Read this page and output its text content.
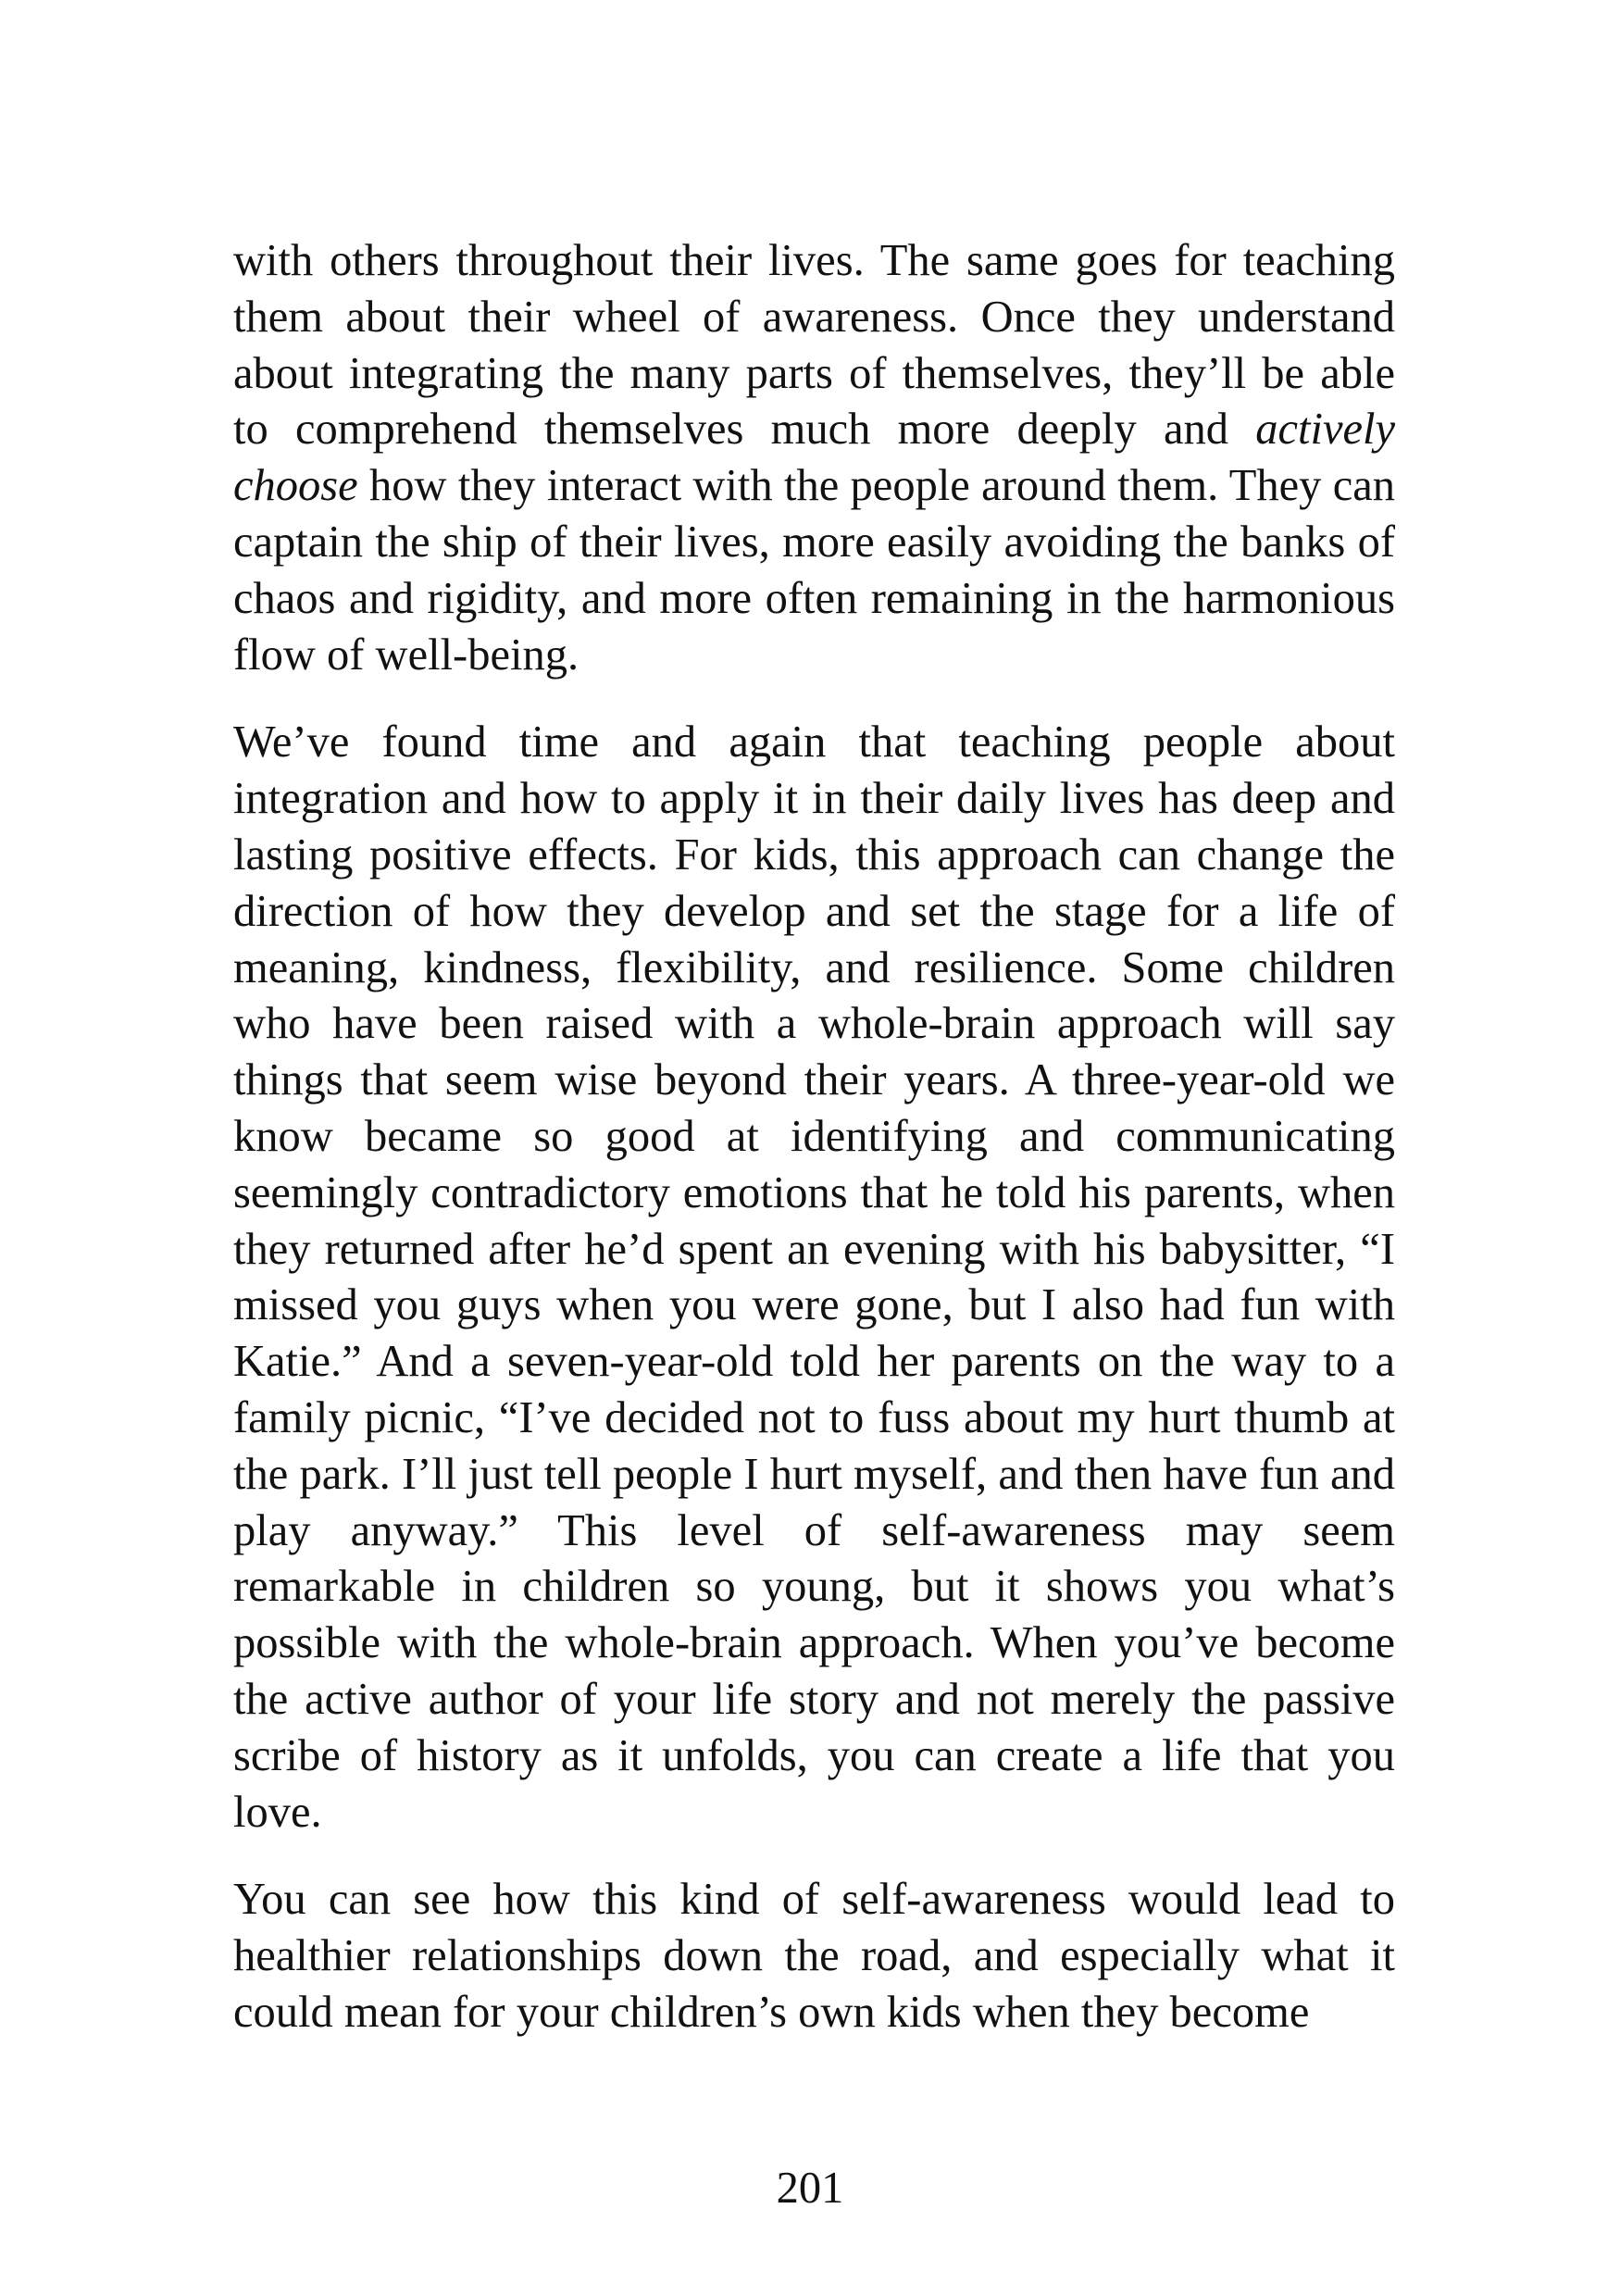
with others throughout their lives. The same goes for teaching them about their wheel of awareness. Once they understand about integrating the many parts of themselves, they’ll be able to comprehend themselves much more deeply and actively choose how they interact with the people around them. They can captain the ship of their lives, more easily avoiding the banks of chaos and rigidity, and more often remaining in the harmonious flow of well-being.

We’ve found time and again that teaching people about integration and how to apply it in their daily lives has deep and lasting positive effects. For kids, this approach can change the direction of how they develop and set the stage for a life of meaning, kindness, flexibility, and resilience. Some children who have been raised with a whole-brain approach will say things that seem wise beyond their years. A three-year-old we know became so good at identifying and communicating seemingly contradictory emotions that he told his parents, when they returned after he’d spent an evening with his babysitter, “I missed you guys when you were gone, but I also had fun with Katie.” And a seven-year-old told her parents on the way to a family picnic, “I’ve decided not to fuss about my hurt thumb at the park. I’ll just tell people I hurt myself, and then have fun and play anyway.” This level of self-awareness may seem remarkable in children so young, but it shows you what’s possible with the whole-brain approach. When you’ve become the active author of your life story and not merely the passive scribe of history as it unfolds, you can create a life that you love.

You can see how this kind of self-awareness would lead to healthier relationships down the road, and especially what it could mean for your children’s own kids when they become

201
